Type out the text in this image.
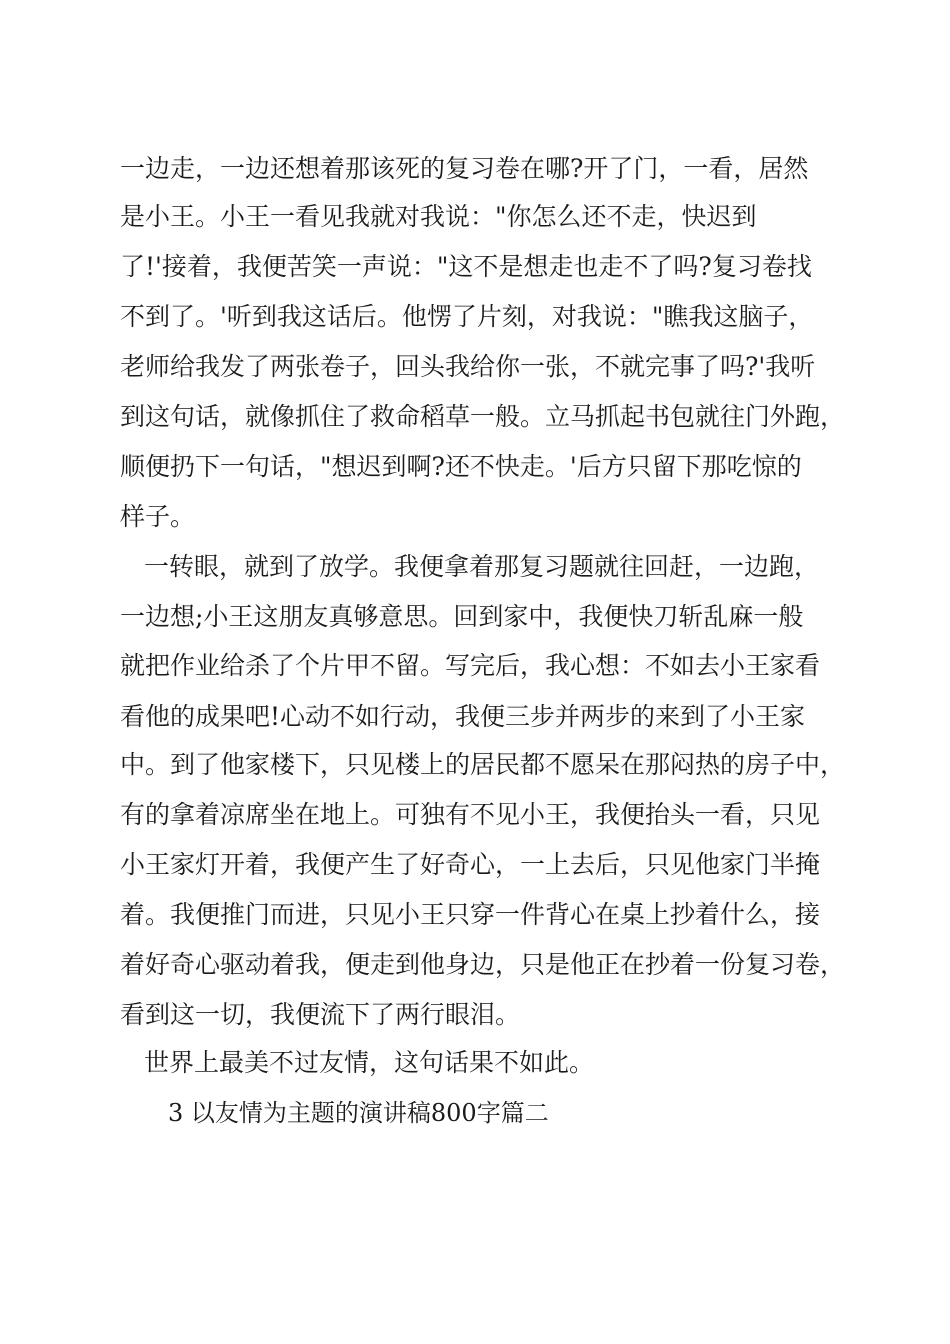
一边走，一边还想着那该死的复习卷在哪?开了门，一看，居然
是小王。小王一看见我就对我说："你怎么还不走，快迟到
了!'接着，我便苦笑一声说："这不是想走也走不了吗?复习卷找
不到了。'听到我这话后。他愣了片刻，对我说："瞧我这脑子，
老师给我发了两张卷子，回头我给你一张，不就完事了吗?'我听
到这句话，就像抓住了救命稻草一般。立马抓起书包就往门外跑，
顺便扔下一句话，"想迟到啊?还不快走。'后方只留下那吃惊的
样子。
一转眼，就到了放学。我便拿着那复习题就往回赶，一边跑，
一边想;小王这朋友真够意思。回到家中，我便快刀斩乱麻一般
就把作业给杀了个片甲不留。写完后，我心想：不如去小王家看
看他的成果吧!心动不如行动，我便三步并两步的来到了小王家
中。到了他家楼下，只见楼上的居民都不愿呆在那闷热的房子中，
有的拿着凉席坐在地上。可独有不见小王，我便抬头一看，只见
小王家灯开着，我便产生了好奇心，一上去后，只见他家门半掩
着。我便推门而进，只见小王只穿一件背心在桌上抄着什么，接
着好奇心驱动着我，便走到他身边，只是他正在抄着一份复习卷，
看到这一切，我便流下了两行眼泪。
世界上最美不过友情，这句话果不如此。
3 以友情为主题的演讲稿800字篇二
